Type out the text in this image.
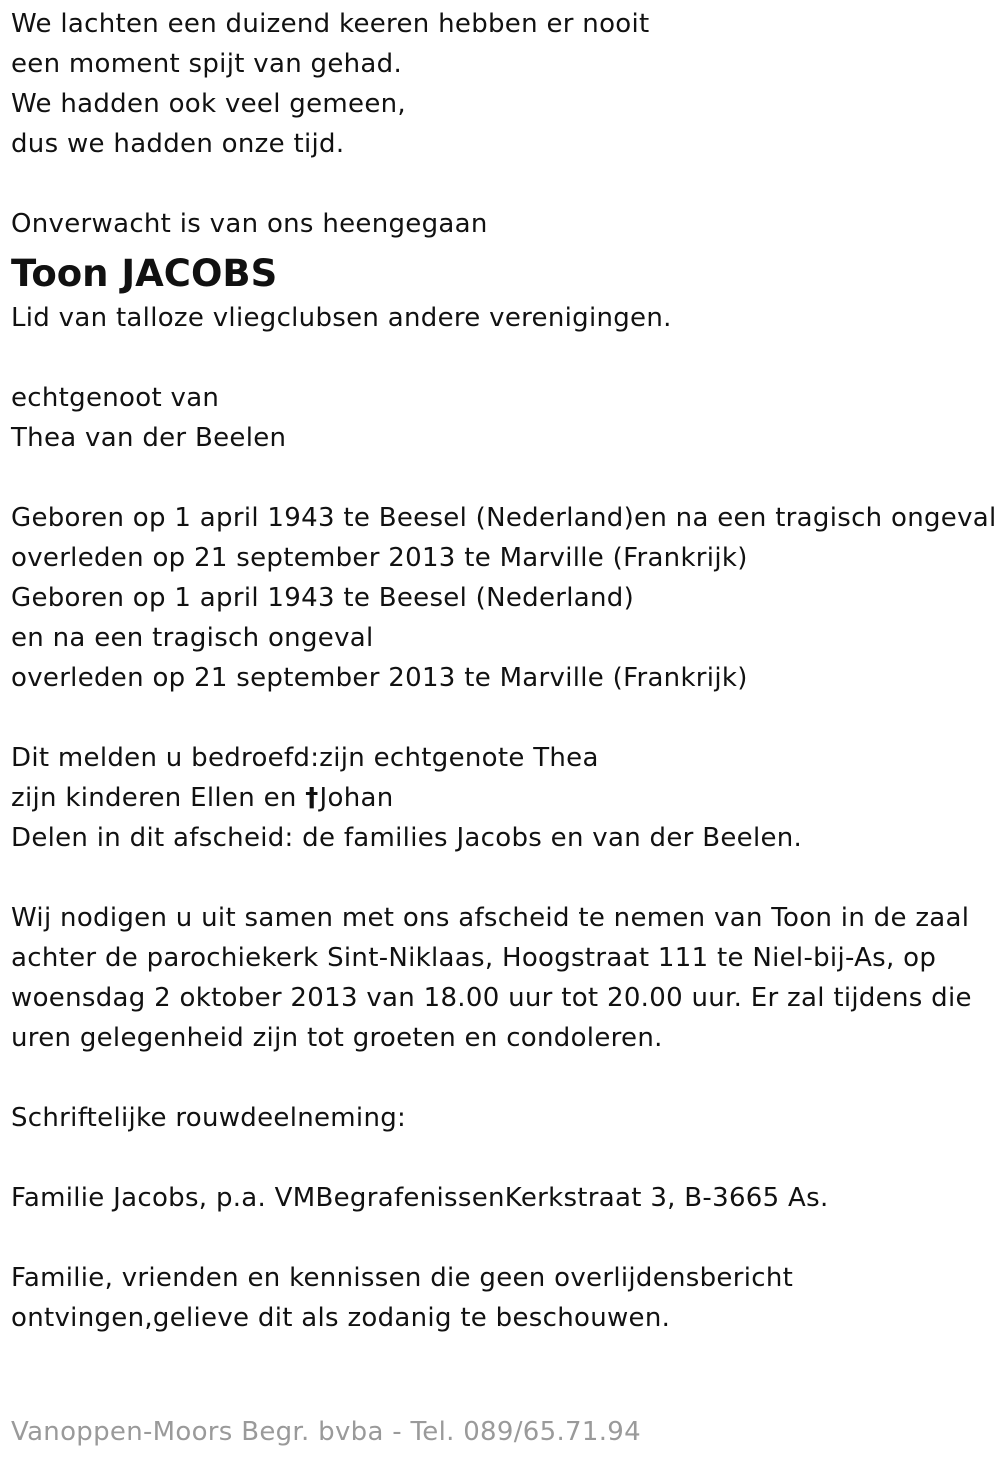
We lachten een duizend keeren hebben er nooit
een moment spijt van gehad.
We hadden ook veel gemeen,
dus we hadden onze tijd.
Onverwacht is van ons heengegaan
Toon JACOBS
Lid van talloze vliegclubsen andere verenigingen.
echtgenoot van
Thea van der Beelen
Geboren op 1 april 1943 te Beesel (Nederland)en na een tragisch ongeval
overleden op 21 september 2013 te Marville (Frankrijk)
Geboren op 1 april 1943 te Beesel (Nederland)
en na een tragisch ongeval
overleden op 21 september 2013 te Marville (Frankrijk)
Dit melden u bedroefd:zijn echtgenote Thea
zijn kinderen Ellen en †Johan
Delen in dit afscheid: de families Jacobs en van der Beelen.
Wij nodigen u uit samen met ons afscheid te nemen van Toon in de zaal
achter de parochiekerk Sint-Niklaas, Hoogstraat 111 te Niel-bij-As, op
woensdag 2 oktober 2013 van 18.00 uur tot 20.00 uur. Er zal tijdens die
uren gelegenheid zijn tot groeten en condoleren.
Schriftelijke rouwdeelneming:
Familie Jacobs, p.a. VMBegrafenissenKerkstraat 3, B-3665 As.
Familie, vrienden en kennissen die geen overlijdensbericht
ontvingen,gelieve dit als zodanig te beschouwen.
Vanoppen-Moors Begr. bvba - Tel. 089/65.71.94
